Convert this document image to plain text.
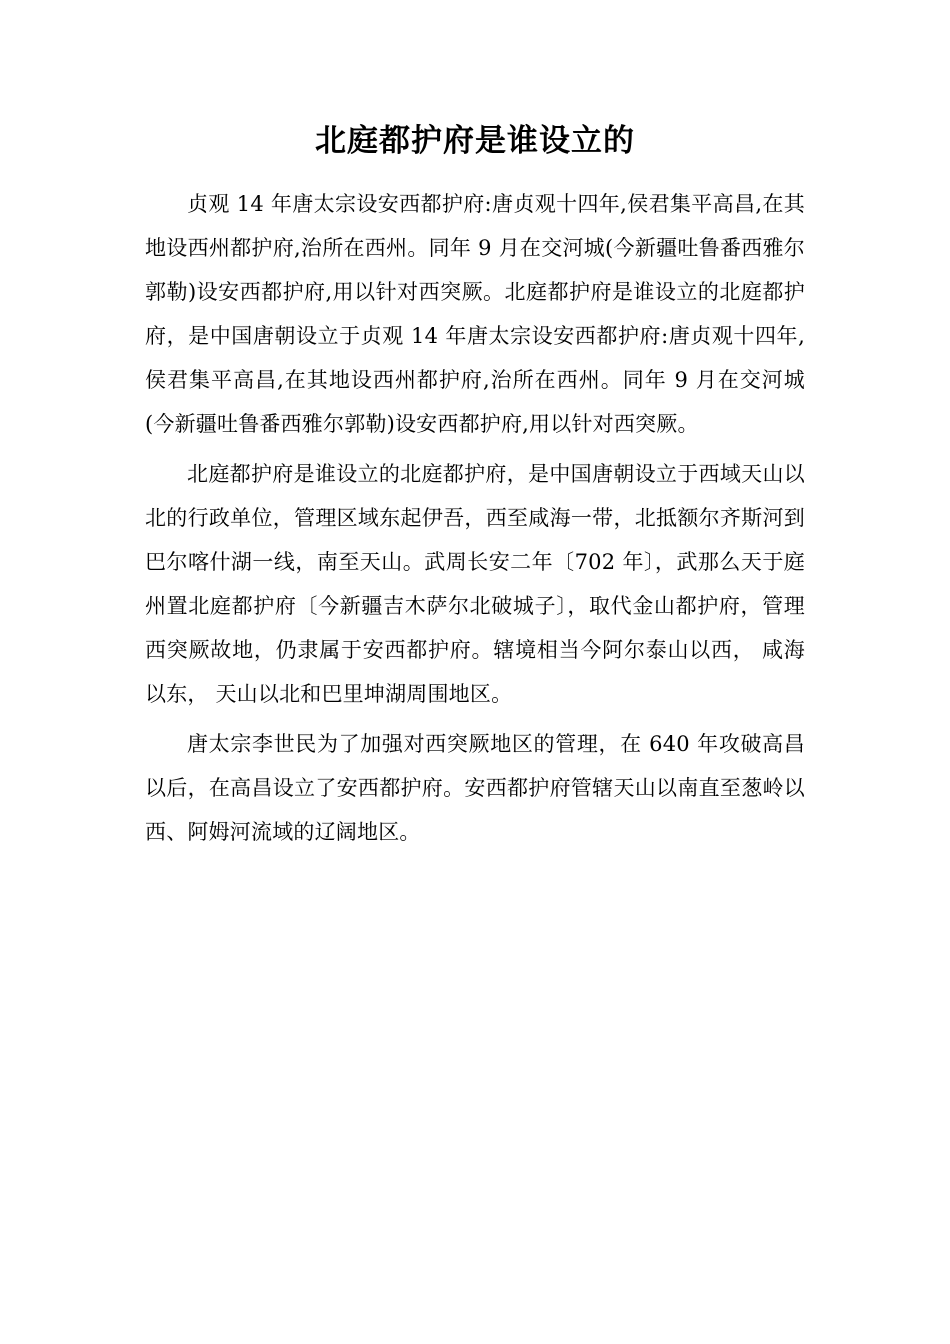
北庭都护府是谁设立的

贞观 14 年唐太宗设安西都护府:唐贞观十四年,侯君集平高昌,在其地设西州都护府,治所在西州。同年 9 月在交河城(今新疆吐鲁番西雅尔郭勒)设安西都护府,用以针对西突厥。北庭都护府是谁设立的北庭都护府，是中国唐朝设立于贞观 14 年唐太宗设安西都护府:唐贞观十四年,侯君集平高昌,在其地设西州都护府,治所在西州。同年 9 月在交河城(今新疆吐鲁番西雅尔郭勒)设安西都护府,用以针对西突厥。

北庭都护府是谁设立的北庭都护府，是中国唐朝设立于西域天山以北的行政单位，管理区域东起伊吾，西至咸海一带，北抵额尔齐斯河到巴尔喀什湖一线，南至天山。武周长安二年〔702 年〕，武那么天于庭州置北庭都护府〔今新疆吉木萨尔北破城子〕，取代金山都护府，管理西突厥故地，仍隶属于安西都护府。辖境相当今阿尔泰山以西， 咸海以东， 天山以北和巴里坤湖周围地区。

唐太宗李世民为了加强对西突厥地区的管理，在 640 年攻破高昌以后，在高昌设立了安西都护府。安西都护府管辖天山以南直至葱岭以西、阿姆河流域的辽阔地区。
